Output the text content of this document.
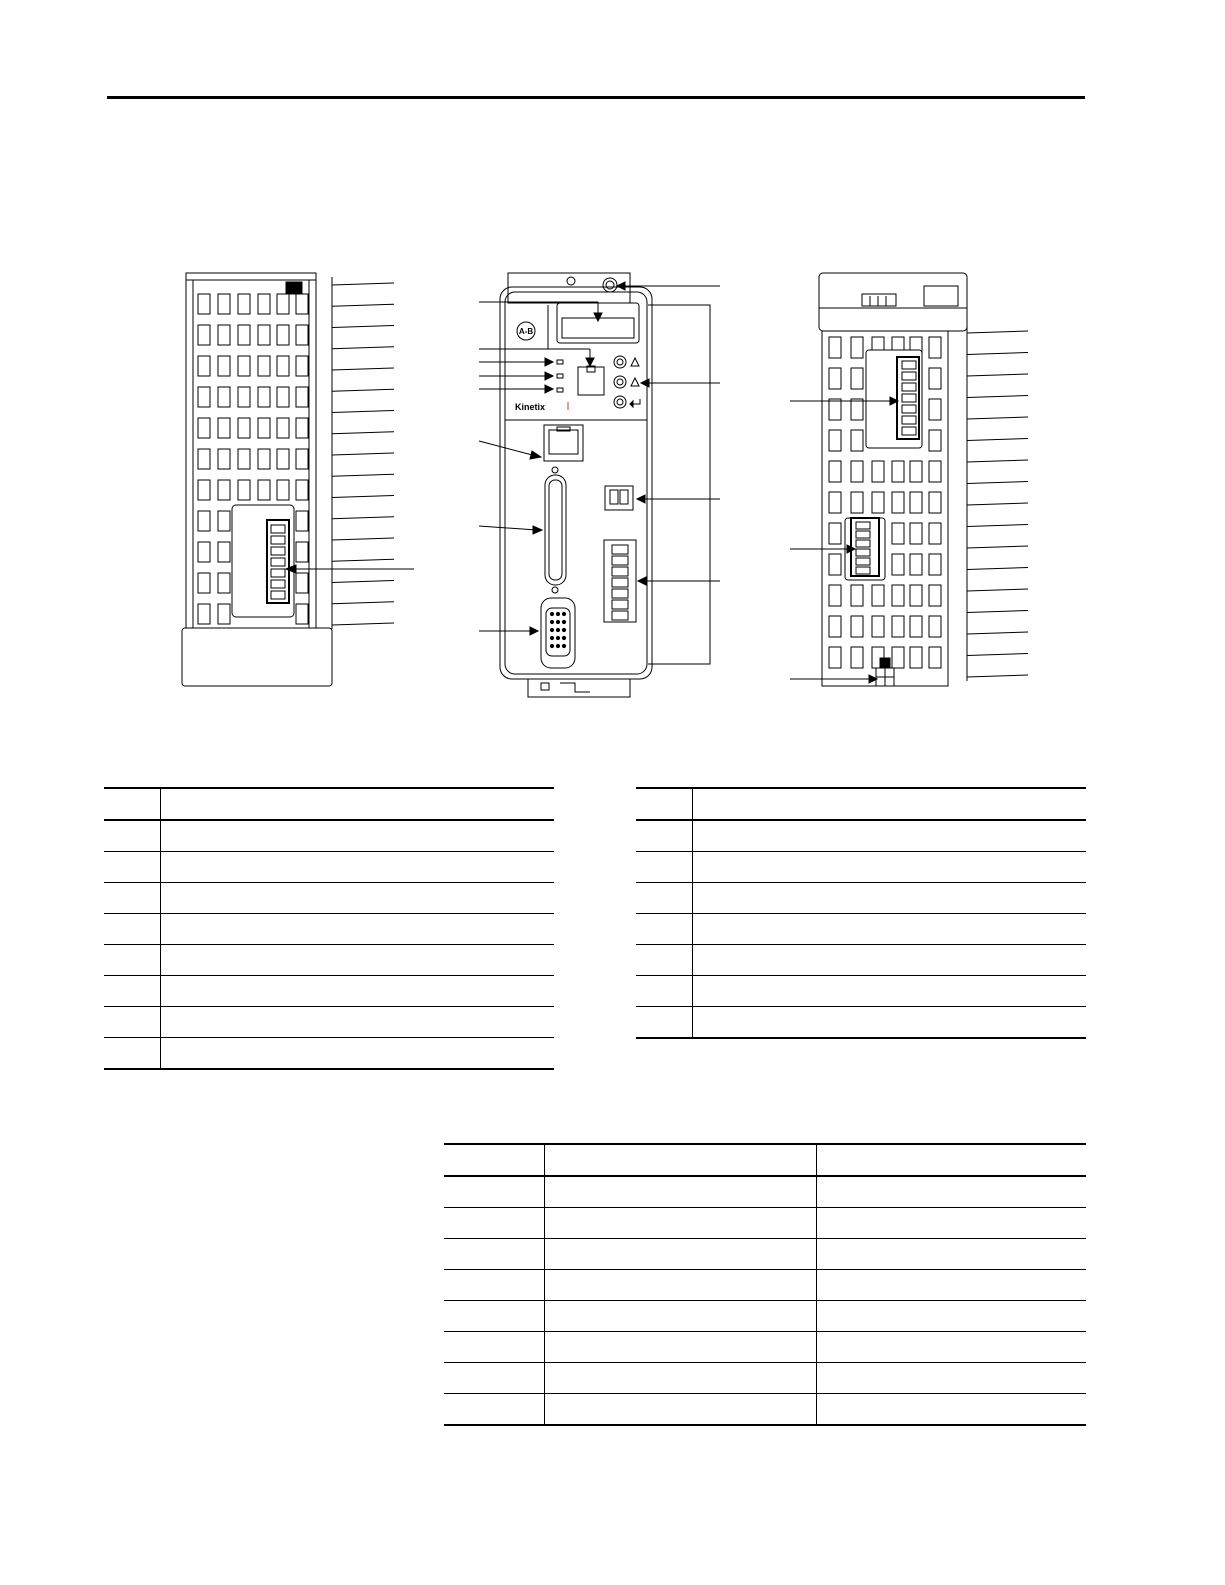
A-B
Kinetix
